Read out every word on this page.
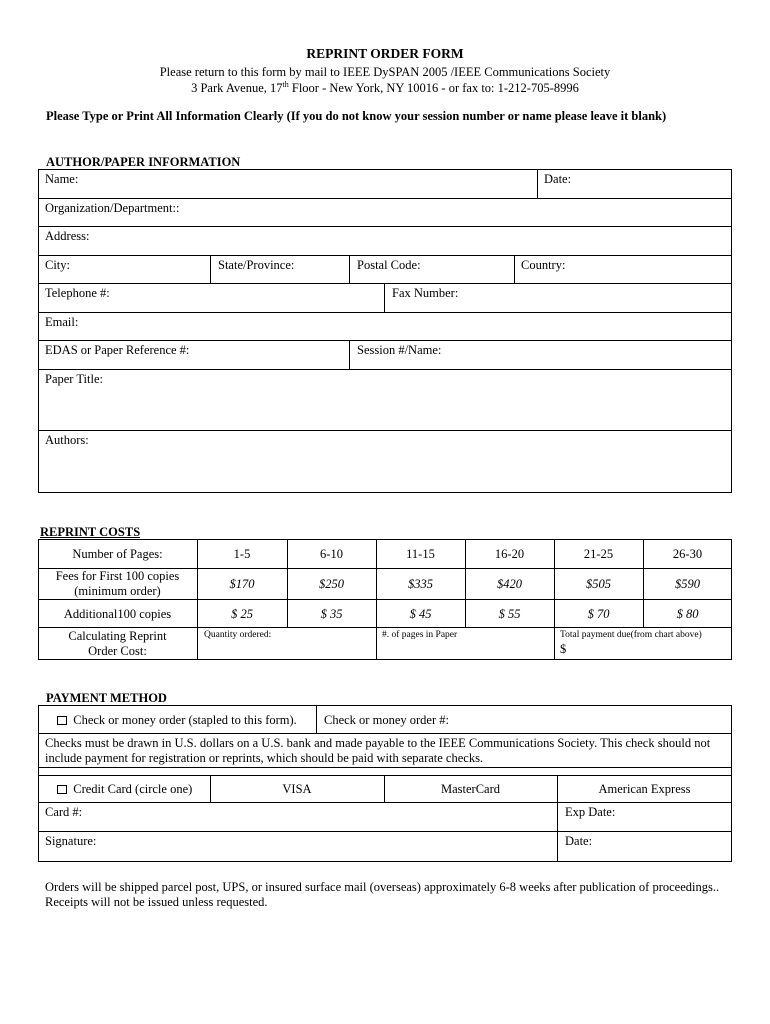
REPRINT ORDER FORM
Please return to this form by mail to IEEE DySPAN 2005 /IEEE Communications Society
3 Park Avenue, 17th Floor - New York, NY 10016 - or fax to: 1-212-705-8996
Please Type or Print All Information Clearly (If you do not know your session number or name please leave it blank)
AUTHOR/PAPER INFORMATION
Name:	Date:
Organization/Department::
Address:
City:	State/Province:	Postal Code:	Country:
Telephone #:	Fax Number:
Email:
EDAS or Paper Reference #:	Session #/Name:
Paper Title:
Authors:
REPRINT COSTS
Number of Pages:	1-5	6-10	11-15	16-20	21-25	26-30
Fees for First 100 copies
(minimum order)	$170	$250	$335	$420	$505	$590
Additional100 copies	$ 25	$ 35	$ 45	$ 55	$ 70	$ 80
Calculating Reprint
Order Cost:
Quantity ordered:	#. of pages in Paper	Total payment due(from chart above)
$
PAYMENT METHOD
Check or money order (stapled to this form). Check or money order #:
Checks must be drawn in U.S. dollars on a U.S. bank and made payable to the IEEE Communications Society. This check should not
include payment for registration or reprints, which should be paid with separate checks.
Credit Card (circle one)	VISA	MasterCard	American Express
Card #:	Exp Date:
Signature:	Date:
Orders will be shipped parcel post, UPS, or insured surface mail (overseas) approximately 6-8 weeks after publication of proceedings..
Receipts will not be issued unless requested.
